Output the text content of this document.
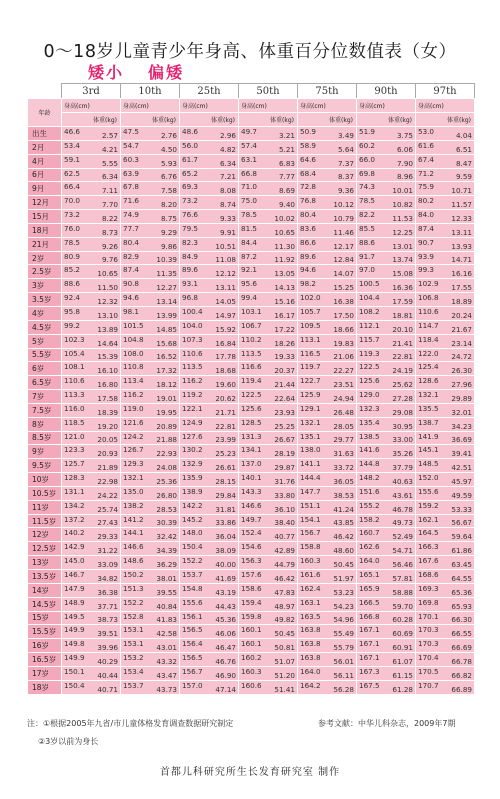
0～18岁儿童青少年身高、体重百分位数值表（女）
矮小 偏矮
	3rd	10th	25th	50th	75th	90th	97th
年龄	身高(cm)	身高(cm)	身高(cm)	身高(cm)	身高(cm)	身高(cm)	身高(cm)
	体重(kg)	体重(kg)	体重(kg)	体重(kg)	体重(kg)	体重(kg)	体重(kg)
出生	46.6 2.57	47.5 2.76	48.6 2.96	49.7 3.21	50.9 3.49	51.9 3.75	53.0 4.04

2月	53.4 4.21	54.7 4.50	56.0 4.82	57.4 5.21	58.9 5.64	60.2 6.06	61.6 6.51

4月	59.1 5.55	60.3 5.93	61.7 6.34	63.1 6.83	64.6 7.37	66.0 7.90	67.4 8.47

6月	62.5 6.34	63.9 6.76	65.2 7.21	66.8 7.77	68.4 8.37	69.8 8.96	71.2 9.59

9月	66.4 7.11	67.8 7.58	69.3 8.08	71.0 8.69	72.8 9.36	74.3 10.01	75.9 10.71

12月	70.0 7.70	71.6 8.20	73.2 8.74	75.0 9.40	76.8 10.12	78.5 10.82	80.2 11.57

15月	73.2 8.22	74.9 8.75	76.6 9.33	78.5 10.02	80.4 10.79	82.2 11.53	84.0 12.33

18月	76.0 8.73	77.7 9.29	79.5 9.91	81.5 10.65	83.6 11.46	85.5 12.25	87.4 13.11

21月	78.5 9.26	80.4 9.86	82.3 10.51	84.4 11.30	86.6 12.17	88.6 13.01	90.7 13.93

2岁	80.9 9.76	82.9 10.39	84.9 11.08	87.2 11.92	89.6 12.84	91.7 13.74	93.9 14.71

2.5岁	85.2 10.65	87.4 11.35	89.6 12.12	92.1 13.05	94.6 14.07	97.0 15.08	99.3 16.16

3岁	88.6 11.50	90.8 12.27	93.1 13.11	95.6 14.13	98.2 15.25	100.5 16.36	102.9 17.55

3.5岁	92.4 12.32	94.6 13.14	96.8 14.05	99.4 15.16	102.0 16.38	104.4 17.59	106.8 18.89

4岁	95.8 13.10	98.1 13.99	100.4 14.97	103.1 16.17	105.7 17.50	108.2 18.81	110.6 20.24

4.5岁	99.2 13.89	101.5 14.85	104.0 15.92	106.7 17.22	109.5 18.66	112.1 20.10	114.7 21.67

5岁	102.3 14.64	104.8 15.68	107.3 16.84	110.2 18.26	113.1 19.83	115.7 21.41	118.4 23.14

5.5岁	105.4 15.39	108.0 16.52	110.6 17.78	113.5 19.33	116.5 21.06	119.3 22.81	122.0 24.72

6岁	108.1 16.10	110.8 17.32	113.5 18.68	116.6 20.37	119.7 22.27	122.5 24.19	125.4 26.30

6.5岁	110.6 16.80	113.4 18.12	116.2 19.60	119.4 21.44	122.7 23.51	125.6 25.62	128.6 27.96

7岁	113.3 17.58	116.2 19.01	119.2 20.62	122.5 22.64	125.9 24.94	129.0 27.28	132.1 29.89

7.5岁	116.0 18.39	119.0 19.95	122.1 21.71	125.6 23.93	129.1 26.48	132.3 29.08	135.5 32.01

8岁	118.5 19.20	121.6 20.89	124.9 22.81	128.5 25.25	132.1 28.05	135.4 30.95	138.7 34.23

8.5岁	121.0 20.05	124.2 21.88	127.6 23.99	131.3 26.67	135.1 29.77	138.5 33.00	141.9 36.69

9岁	123.3 20.93	126.7 22.93	130.2 25.23	134.1 28.19	138.0 31.63	141.6 35.26	145.1 39.41

9.5岁	125.7 21.89	129.3 24.08	132.9 26.61	137.0 29.87	141.1 33.72	144.8 37.79	148.5 42.51

10岁	128.3 22.98	132.1 25.36	135.9 28.15	140.1 31.76	144.4 36.05	148.2 40.63	152.0 45.97

10.5岁	131.1 24.22	135.0 26.80	138.9 29.84	143.3 33.80	147.7 38.53	151.6 43.61	155.6 49.59

11岁	134.2 25.74	138.2 28.53	142.2 31.81	146.6 36.10	151.1 41.24	155.2 46.78	159.2 53.33

11.5岁	137.2 27.43	141.2 30.39	145.2 33.86	149.7 38.40	154.1 43.85	158.2 49.73	162.1 56.67

12岁	140.2 29.33	144.1 32.42	148.0 36.04	152.4 40.77	156.7 46.42	160.7 52.49	164.5 59.64

12.5岁	142.9 31.22	146.6 34.39	150.4 38.09	154.6 42.89	158.8 48.60	162.6 54.71	166.3 61.86

13岁	145.0 33.09	148.6 36.29	152.2 40.00	156.3 44.79	160.3 50.45	164.0 56.46	167.6 63.45

13.5岁	146.7 34.82	150.2 38.01	153.7 41.69	157.6 46.42	161.6 51.97	165.1 57.81	168.6 64.55

14岁	147.9 36.38	151.3 39.55	154.8 43.19	158.6 47.83	162.4 53.23	165.9 58.88	169.3 65.36

14.5岁	148.9 37.71	152.2 40.84	155.6 44.43	159.4 48.97	163.1 54.23	166.5 59.70	169.8 65.93

15岁	149.5 38.73	152.8 41.83	156.1 45.36	159.8 49.82	163.5 54.96	166.8 60.28	170.1 66.30

15.5岁	149.9 39.51	153.1 42.58	156.5 46.06	160.1 50.45	163.8 55.49	167.1 60.69	170.3 66.55

16岁	149.8 39.96	153.1 43.01	156.4 46.47	160.1 50.81	163.8 55.79	167.1 60.91	170.3 66.69

16.5岁	149.9 40.29	153.2 43.32	156.5 46.76	160.2 51.07	163.8 56.01	167.1 61.07	170.4 66.78

17岁	150.1 40.44	153.4 43.47	156.7 46.90	160.3 51.20	164.0 56.11	167.3 61.15	170.5 66.82

18岁	150.4 40.71	153.7 43.73	157.0 47.14	160.6 51.41	164.2 56.28	167.5 61.28	170.7 66.89
注：①根据2005年九省/市儿童体格发育调查数据研究制定	参考文献：中华儿科杂志，2009年7期
②3岁以前为身长
首都儿科研究所生长发育研究室 制作
